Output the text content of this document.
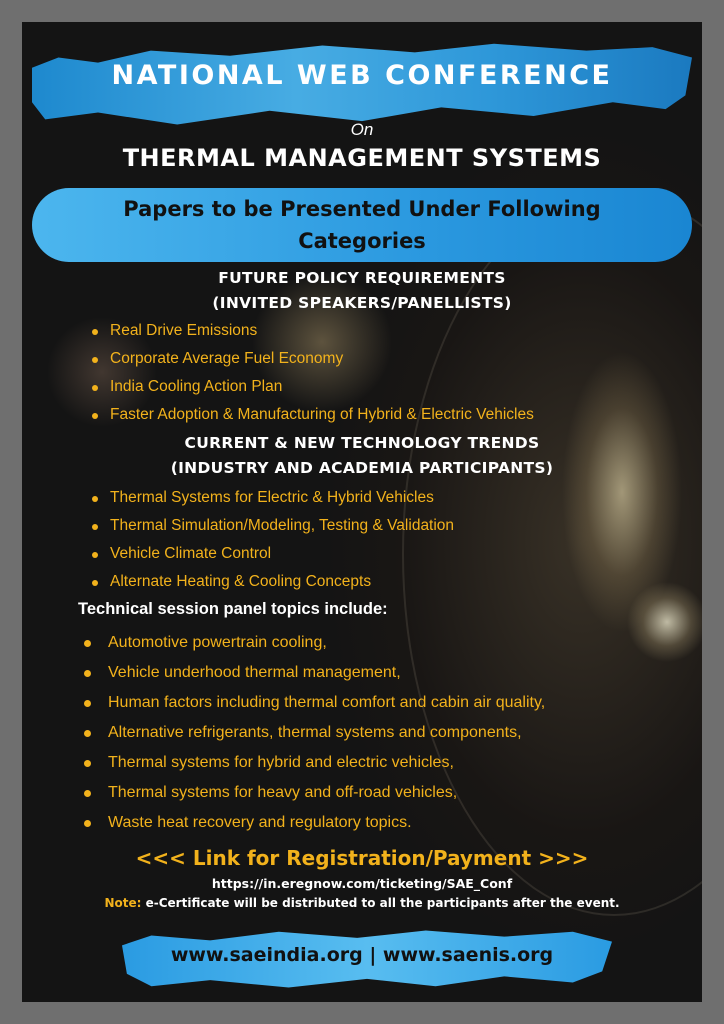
NATIONAL WEB CONFERENCE
On
THERMAL MANAGEMENT SYSTEMS
Papers to be Presented Under Following Categories
FUTURE POLICY REQUIREMENTS
(INVITED SPEAKERS/PANELLISTS)
Real Drive Emissions
Corporate Average Fuel Economy
India Cooling Action Plan
Faster Adoption & Manufacturing of Hybrid & Electric Vehicles
CURRENT & NEW TECHNOLOGY TRENDS
(INDUSTRY AND ACADEMIA PARTICIPANTS)
Thermal Systems for Electric & Hybrid Vehicles
Thermal Simulation/Modeling, Testing & Validation
Vehicle Climate Control
Alternate Heating & Cooling Concepts
Technical session panel topics include:
Automotive powertrain cooling,
Vehicle underhood thermal management,
Human factors including thermal comfort and cabin air quality,
Alternative refrigerants, thermal systems and components,
Thermal systems for hybrid and electric vehicles,
Thermal systems for heavy and off-road vehicles,
Waste heat recovery and regulatory topics.
<<< Link for Registration/Payment >>>
https://in.eregnow.com/ticketing/SAE_Conf
Note: e-Certificate will be distributed to all the participants after the event.
www.saeindia.org | www.saenis.org
